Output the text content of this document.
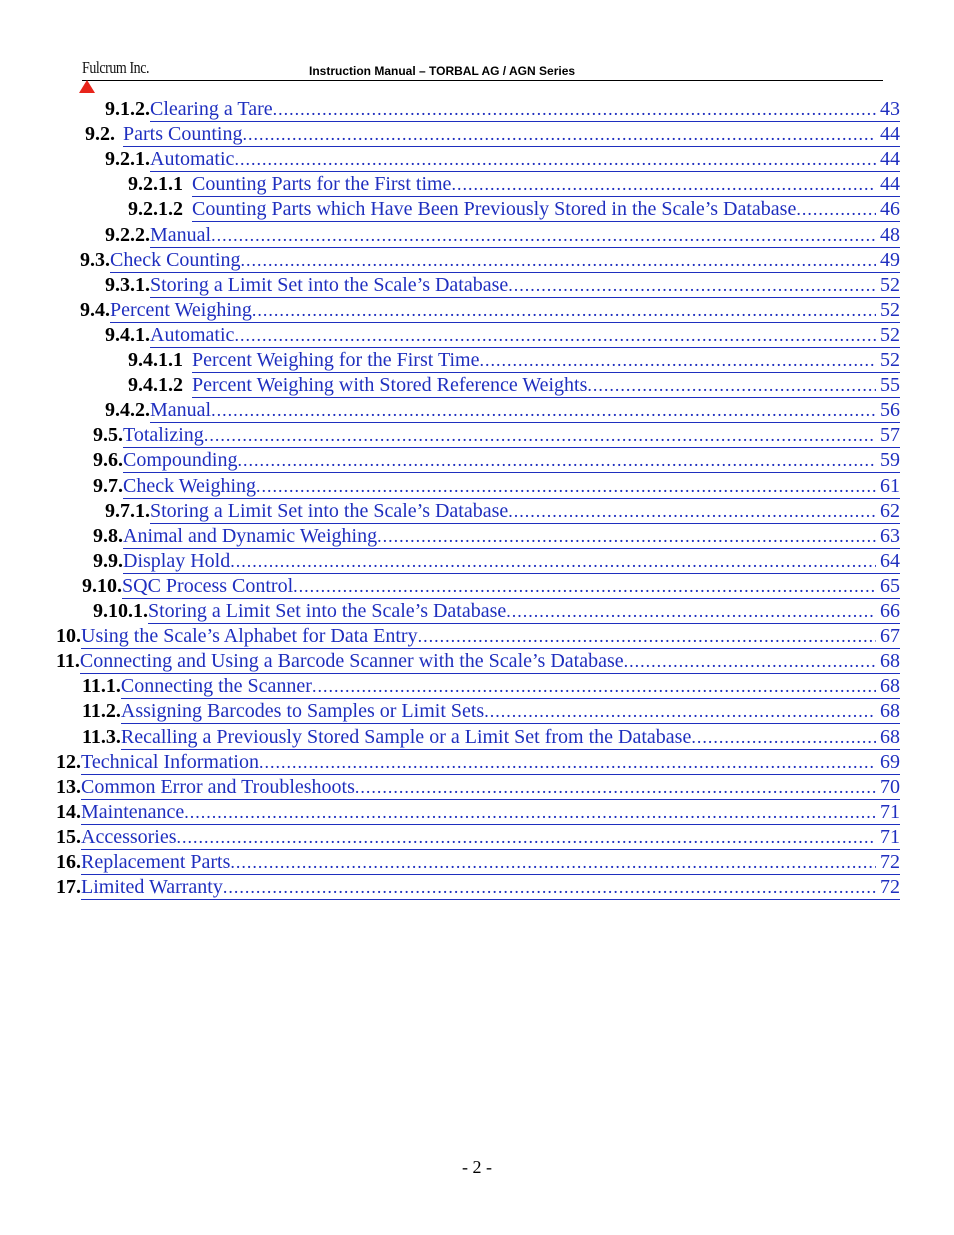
Fulcrum Inc.	Instruction Manual – TORBAL AG / AGN Series
9.1.2. Clearing a Tare .....	43
9.2. Parts Counting .....	44
9.2.1. Automatic .....	44
9.2.1.1 Counting Parts for the First time .....	44
9.2.1.2 Counting Parts which Have Been Previously Stored in the Scale’s Database .....	46
9.2.2. Manual .....	48
9.3. Check Counting .....	49
9.3.1. Storing a Limit Set into the Scale’s Database .....	52
9.4. Percent Weighing .....	52
9.4.1. Automatic .....	52
9.4.1.1 Percent Weighing for the First Time .....	52
9.4.1.2 Percent Weighing with Stored Reference Weights .....	55
9.4.2. Manual .....	56
9.5. Totalizing .....	57
9.6. Compounding .....	59
9.7. Check Weighing .....	61
9.7.1. Storing a Limit Set into the Scale’s Database .....	62
9.8. Animal and Dynamic Weighing .....	63
9.9. Display Hold .....	64
9.10. SQC Process Control .....	65
9.10.1. Storing a Limit Set into the Scale’s Database .....	66
10. Using the Scale’s Alphabet for Data Entry .....	67
11. Connecting and Using a Barcode Scanner with the Scale’s Database .....	68
11.1. Connecting the Scanner .....	68
11.2. Assigning Barcodes to Samples or Limit Sets .....	68
11.3. Recalling a Previously Stored Sample or a Limit Set from the Database .....	68
12. Technical Information .....	69
13. Common Error and Troubleshoots .....	70
14. Maintenance .....	71
15. Accessories .....	71
16. Replacement Parts .....	72
17. Limited Warranty .....	72
- 2 -
